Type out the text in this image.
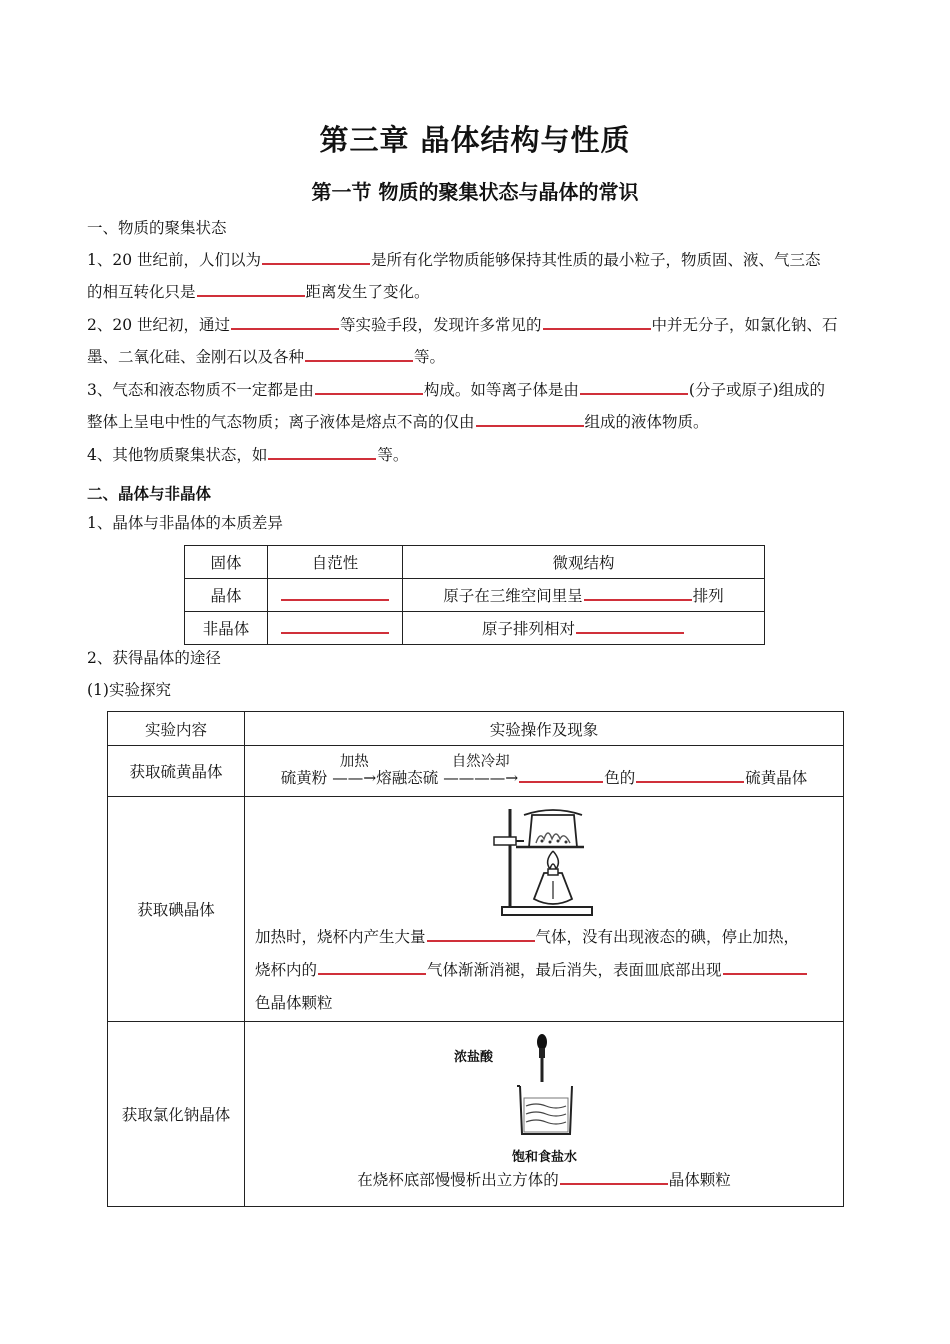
第三章 晶体结构与性质
第一节 物质的聚集状态与晶体的常识
一、物质的聚集状态
1、20 世纪前，人们以为	是所有化学物质能够保持其性质的最小粒子，物质固、液、气三态
的相互转化只是	距离发生了变化。
2、20 世纪初，通过	等实验手段，发现许多常见的	中并无分子，如氯化钠、石
墨、二氧化硅、金刚石以及各种	等。
3、气态和液态物质不一定都是由	构成。如等离子体是由	(分子或原子)组成的
整体上呈电中性的气态物质；离子液体是熔点不高的仅由	组成的液体物质。
4、其他物质聚集状态，如	等。
二、晶体与非晶体
1、晶体与非晶体的本质差异
固体	自范性	微观结构
晶体		原子在三维空间里呈 排列
非晶体		原子排列相对
2、获得晶体的途径
(1)实验探究
实验内容	实验操作及现象
获取硫黄晶体	硫黄粉
加热
——→熔融态硫
自然冷却
————→ 色的 硫黄晶体

获取碘晶体	加热时，烧杯内产生大量 气体，没有出现液态的碘，停止加热，
烧杯内的 气体渐渐消褪，最后消失，表面皿底部出现
色晶体颗粒

获取氯化钠晶体	浓盐酸
饱和食盐水
在烧杯底部慢慢析出立方体的 晶体颗粒
